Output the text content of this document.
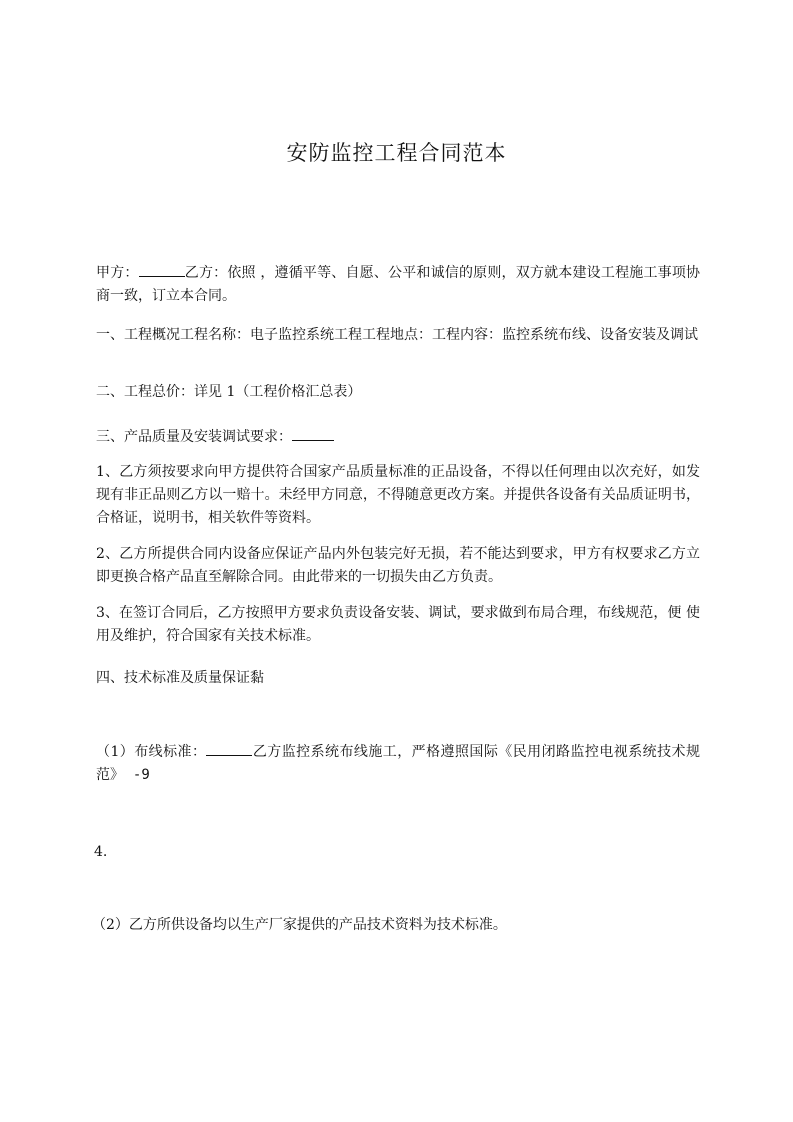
安防监控工程合同范本

甲方：	乙方：依照 ，遵循平等、自愿、公平和诚信的原则，双方就本建设工程施工事项协商一致，订立本合同。

一、工程概况工程名称：电子监控系统工程工程地点：工程内容：监控系统布线、设备安装及调试

二、工程总价：详见 1（工程价格汇总表）

三、产品质量及安装调试要求：

1、乙方须按要求向甲方提供符合国家产品质量标准的正品设备，不得以任何理由以次充好，如发现有非正品则乙方以一赔十。未经甲方同意，不得随意更改方案。并提供各设备有关品质证明书，合格证，说明书，相关软件等资料。

2、乙方所提供合同内设备应保证产品内外包装完好无损，若不能达到要求，甲方有权要求乙方立即更换合格产品直至解除合同。由此带来的一切损失由乙方负责。

3、在签订合同后，乙方按照甲方要求负责设备安装、调试，要求做到布局合理，布线规范，便 使用及维护，符合国家有关技术标准。

四、技术标准及质量保证黏

（1）布线标准：	乙方监控系统布线施工，严格遵照国际《民用闭路监控电视系统技术规范》 -9

4.

（2）乙方所供设备均以生产厂家提供的产品技术资料为技术标准。
